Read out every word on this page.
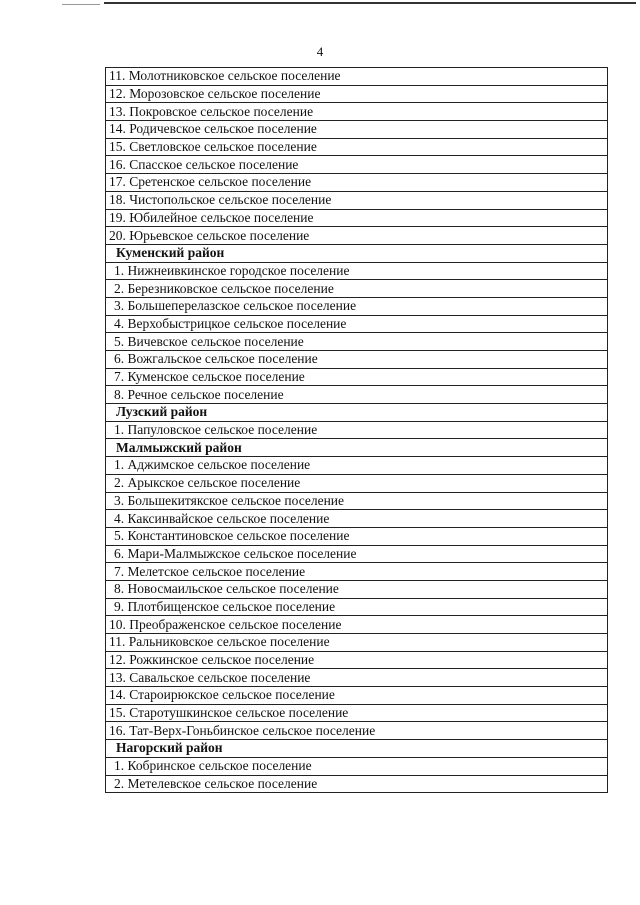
4
11. Молотниковское сельское поселение
12. Морозовское сельское поселение
13. Покровское сельское поселение
14. Родичевское сельское поселение
15. Светловское сельское поселение
16. Спасское сельское поселение
17. Сретенское сельское поселение
18. Чистопольское сельское поселение
19. Юбилейное сельское поселение
20. Юрьевское сельское поселение
Куменский район
1. Нижнеивкинское городское поселение
2. Березниковское сельское поселение
3. Большеперелазское сельское поселение
4. Верхобыстрицкое сельское поселение
5. Вичевское сельское поселение
6. Вожгальское сельское поселение
7. Куменское сельское поселение
8. Речное сельское поселение
Лузский район
1. Папуловское сельское поселение
Малмыжский район
1. Аджимское сельское поселение
2. Арыкское сельское поселение
3. Большекитякское сельское поселение
4. Каксинвайское сельское поселение
5. Константиновское сельское поселение
6. Мари-Малмыжское сельское поселение
7. Мелетское сельское поселение
8. Новосмаильское сельское поселение
9. Плотбищенское сельское поселение
10. Преображенское сельское поселение
11. Ральниковское сельское поселение
12. Рожкинское сельское поселение
13. Савальское сельское поселение
14. Староирюкское сельское поселение
15. Старотушкинское сельское поселение
16. Тат-Верх-Гоньбинское сельское поселение
Нагорский район
1. Кобринское сельское поселение
2. Метелевское сельское поселение
